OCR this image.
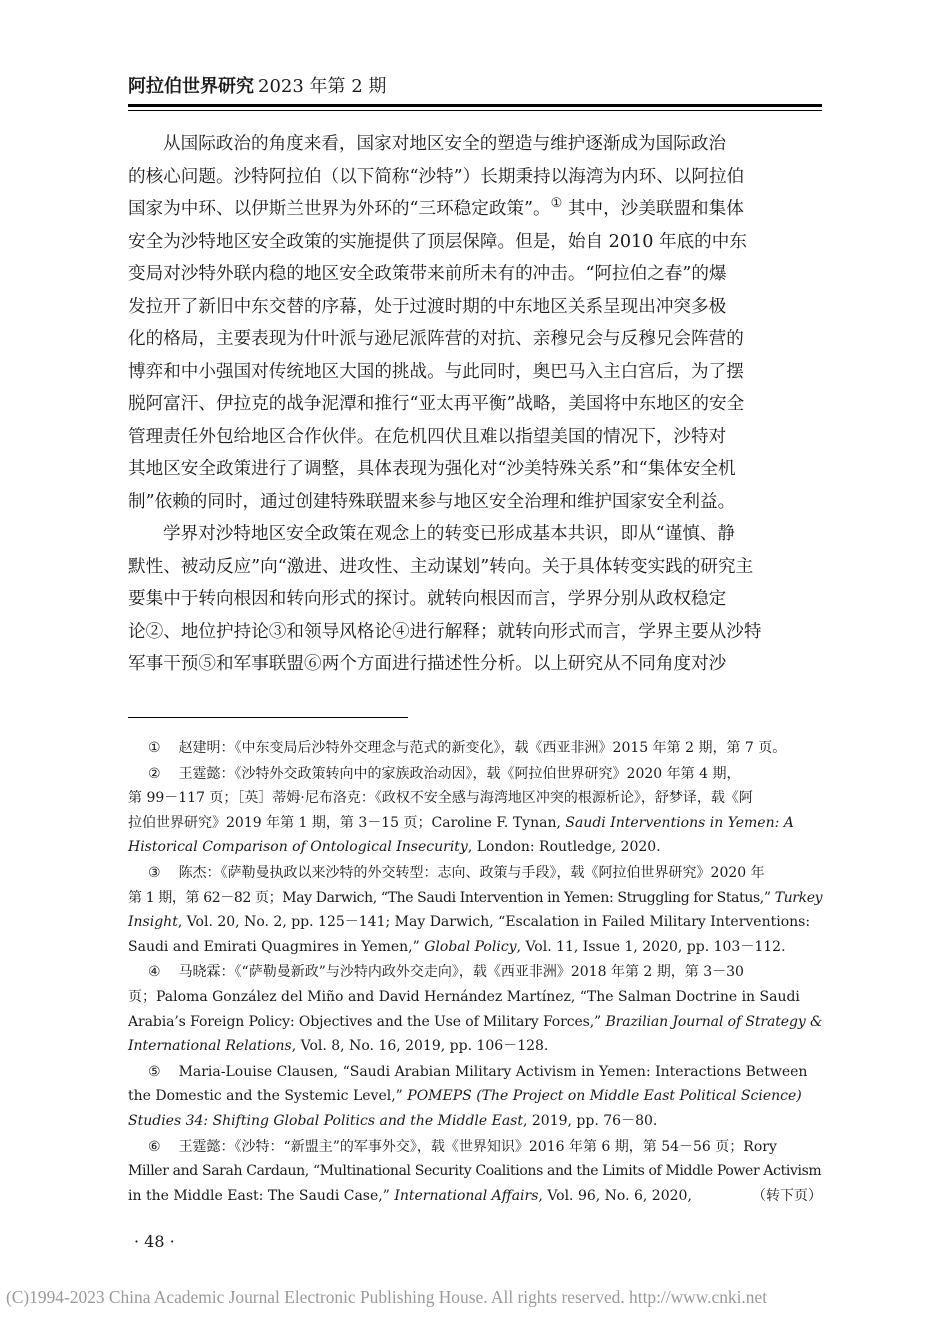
阿拉伯世界研究 2023 年第 2 期

从国际政治的角度来看，国家对地区安全的塑造与维护逐渐成为国际政治
的核心问题。沙特阿拉伯（以下简称“沙特”）长期秉持以海湾为内环、以阿拉伯
国家为中环、以伊斯兰世界为外环的“三环稳定政策”。① 其中，沙美联盟和集体
安全为沙特地区安全政策的实施提供了顶层保障。但是，始自 2010 年底的中东
变局对沙特外联内稳的地区安全政策带来前所未有的冲击。“阿拉伯之春”的爆
发拉开了新旧中东交替的序幕，处于过渡时期的中东地区关系呈现出冲突多极
化的格局，主要表现为什叶派与逊尼派阵营的对抗、亲穆兄会与反穆兄会阵营的
博弈和中小强国对传统地区大国的挑战。与此同时，奥巴马入主白宫后，为了摆
脱阿富汗、伊拉克的战争泥潭和推行“亚太再平衡”战略，美国将中东地区的安全
管理责任外包给地区合作伙伴。在危机四伏且难以指望美国的情况下，沙特对
其地区安全政策进行了调整，具体表现为强化对“沙美特殊关系”和“集体安全机
制”依赖的同时，通过创建特殊联盟来参与地区安全治理和维护国家安全利益。

学界对沙特地区安全政策在观念上的转变已形成基本共识，即从“谨慎、静
默性、被动反应”向“激进、进攻性、主动谋划”转向。关于具体转变实践的研究主
要集中于转向根因和转向形式的探讨。就转向根因而言，学界分别从政权稳定
论②、地位护持论③和领导风格论④进行解释；就转向形式而言，学界主要从沙特
军事干预⑤和军事联盟⑥两个方面进行描述性分析。以上研究从不同角度对沙

① 赵建明：《中东变局后沙特外交理念与范式的新变化》，载《西亚非洲》2015 年第 2 期，第 7 页。
② 王霆懿：《沙特外交政策转向中的家族政治动因》，载《阿拉伯世界研究》2020 年第 4 期，
第 99－117 页；［英］蒂姆·尼布洛克：《政权不安全感与海湾地区冲突的根源析论》，舒梦译，载《阿
拉伯世界研究》2019 年第 1 期，第 3－15 页；Caroline F. Tynan, Saudi Interventions in Yemen: A
Historical Comparison of Ontological Insecurity, London: Routledge, 2020.
③ 陈杰：《萨勒曼执政以来沙特的外交转型：志向、政策与手段》，载《阿拉伯世界研究》2020 年
第 1 期，第 62－82 页；May Darwich, “The Saudi Intervention in Yemen: Struggling for Status,” Turkey
Insight, Vol. 20, No. 2, pp. 125－141; May Darwich, “Escalation in Failed Military Interventions:
Saudi and Emirati Quagmires in Yemen,” Global Policy, Vol. 11, Issue 1, 2020, pp. 103－112.
④ 马晓霖：《“萨勒曼新政”与沙特内政外交走向》，载《西亚非洲》2018 年第 2 期，第 3－30
页；Paloma González del Miño and David Hernández Martínez, “The Salman Doctrine in Saudi
Arabia’s Foreign Policy: Objectives and the Use of Military Forces,” Brazilian Journal of Strategy &
International Relations, Vol. 8, No. 16, 2019, pp. 106－128.
⑤ Maria-Louise Clausen, “Saudi Arabian Military Activism in Yemen: Interactions Between
the Domestic and the Systemic Level,” POMEPS (The Project on Middle East Political Science)
Studies 34: Shifting Global Politics and the Middle East, 2019, pp. 76－80.
⑥ 王霆懿：《沙特：“新盟主”的军事外交》，载《世界知识》2016 年第 6 期，第 54－56 页；Rory
Miller and Sarah Cardaun, “Multinational Security Coalitions and the Limits of Middle Power Activism
in the Middle East: The Saudi Case,” International Affairs, Vol. 96, No. 6, 2020,	（转下页）
· 48 ·
(C)1994-2023 China Academic Journal Electronic Publishing House. All rights reserved. http://www.cnki.net
